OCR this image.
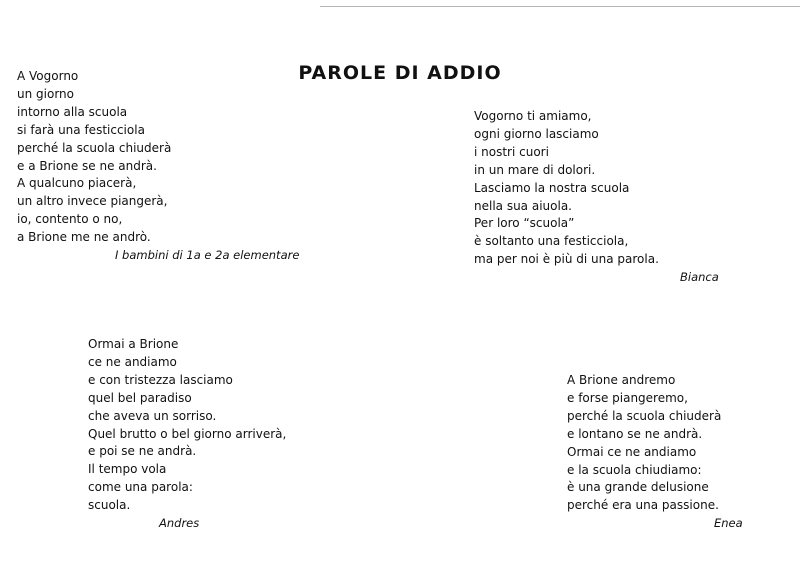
PAROLE DI ADDIO
A Vogorno
un giorno
intorno alla scuola
si farà una festicciola
perché la scuola chiuderà
e a Brione se ne andrà.
A qualcuno piacerà,
un altro invece piangerà,
io, contento o no,
a Brione me ne andrò.
I bambini di 1a e 2a elementare
Vogorno ti amiamo,
ogni giorno lasciamo
i nostri cuori
in un mare di dolori.
Lasciamo la nostra scuola
nella sua aiuola.
Per loro “scuola”
è soltanto una festicciola,
ma per noi è più di una parola.
Bianca
Ormai a Brione
ce ne andiamo
e con tristezza lasciamo
quel bel paradiso
che aveva un sorriso.
Quel brutto o bel giorno arriverà,
e poi se ne andrà.
Il tempo vola
come una parola:
scuola.
Andres
A Brione andremo
e forse piangeremo,
perché la scuola chiuderà
e lontano se ne andrà.
Ormai ce ne andiamo
e la scuola chiudiamo:
è una grande delusione
perché era una passione.
Enea
